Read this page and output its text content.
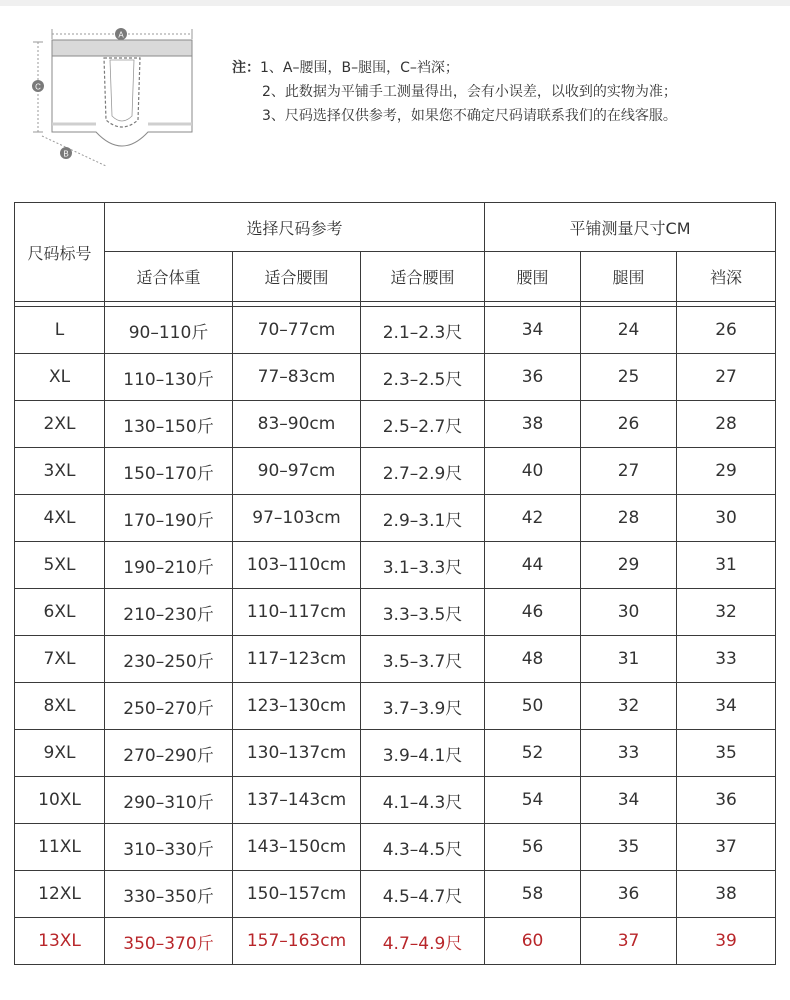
A
C
B
注：1、A–腰围，B–腿围，C–裆深；
2、此数据为平铺手工测量得出，会有小误差，以收到的实物为准；
3、尺码选择仅供参考，如果您不确定尺码请联系我们的在线客服。
尺码标号	选择尺码参考			平铺测量尺寸CM		
	适合体重	适合腰围	适合腰围	腰围	腿围	裆深

L	90–110斤	70–77cm	2.1–2.3尺	34	24	26
XL	110–130斤	77–83cm	2.3–2.5尺	36	25	27
2XL	130–150斤	83–90cm	2.5–2.7尺	38	26	28
3XL	150–170斤	90–97cm	2.7–2.9尺	40	27	29
4XL	170–190斤	97–103cm	2.9–3.1尺	42	28	30
5XL	190–210斤	103–110cm	3.1–3.3尺	44	29	31
6XL	210–230斤	110–117cm	3.3–3.5尺	46	30	32
7XL	230–250斤	117–123cm	3.5–3.7尺	48	31	33
8XL	250–270斤	123–130cm	3.7–3.9尺	50	32	34
9XL	270–290斤	130–137cm	3.9–4.1尺	52	33	35
10XL	290–310斤	137–143cm	4.1–4.3尺	54	34	36
11XL	310–330斤	143–150cm	4.3–4.5尺	56	35	37
12XL	330–350斤	150–157cm	4.5–4.7尺	58	36	38
13XL	350–370斤	157–163cm	4.7–4.9尺	60	37	39
